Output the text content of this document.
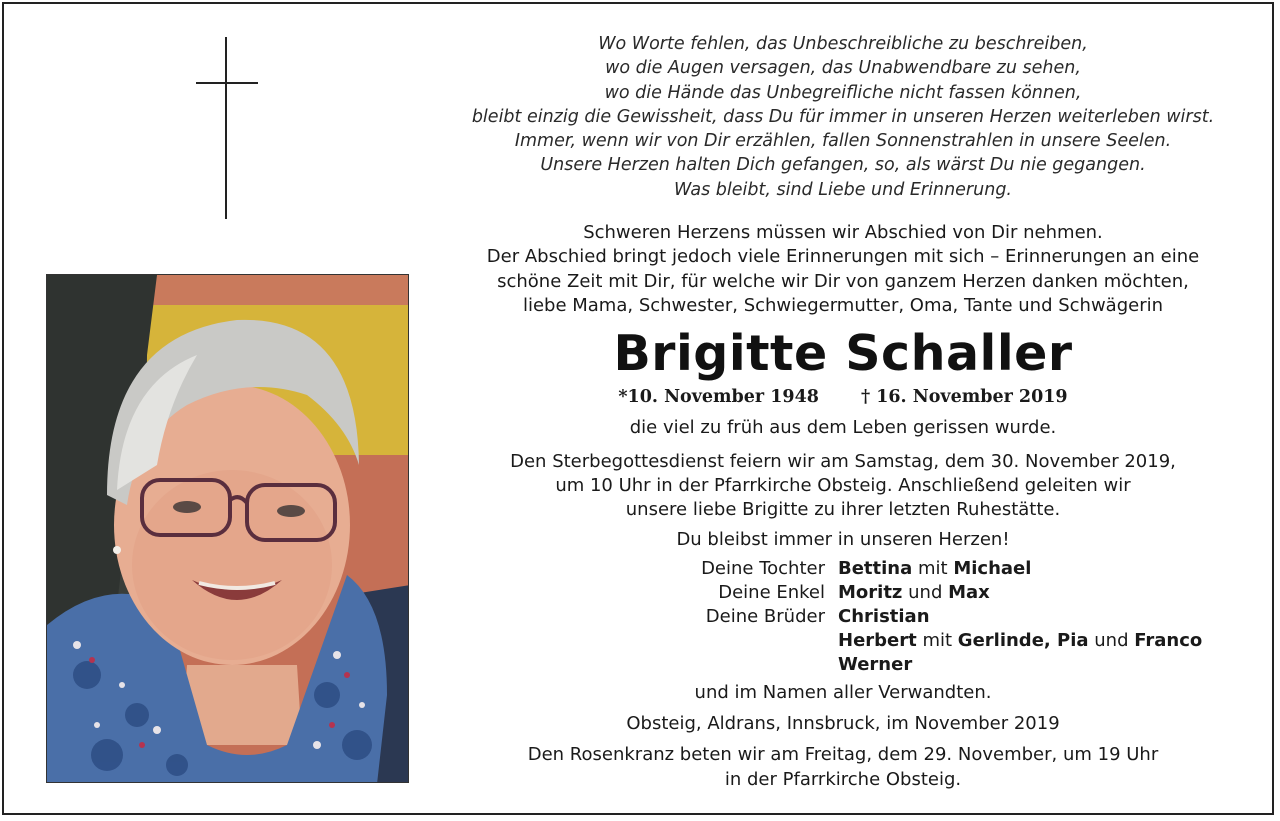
Wo Worte fehlen, das Unbeschreibliche zu beschreiben,
wo die Augen versagen, das Unabwendbare zu sehen,
wo die Hände das Unbegreifliche nicht fassen können,
bleibt einzig die Gewissheit, dass Du für immer in unseren Herzen weiterleben wirst.
Immer, wenn wir von Dir erzählen, fallen Sonnenstrahlen in unsere Seelen.
Unsere Herzen halten Dich gefangen, so, als wärst Du nie gegangen.
Was bleibt, sind Liebe und Erinnerung.
Schweren Herzens müssen wir Abschied von Dir nehmen.
Der Abschied bringt jedoch viele Erinnerungen mit sich – Erinnerungen an eine
schöne Zeit mit Dir, für welche wir Dir von ganzem Herzen danken möchten,
liebe Mama, Schwester, Schwiegermutter, Oma, Tante und Schwägerin
Brigitte Schaller
*10. November 1948 † 16. November 2019
die viel zu früh aus dem Leben gerissen wurde.
Den Sterbegottesdienst feiern wir am Samstag, dem 30. November 2019,
um 10 Uhr in der Pfarrkirche Obsteig. Anschließend geleiten wir
unsere liebe Brigitte zu ihrer letzten Ruhestätte.
Du bleibst immer in unseren Herzen!
Deine Tochter Bettina mit Michael
Deine Enkel Moritz und Max
Deine Brüder Christian
Herbert mit Gerlinde, Pia und Franco
Werner
und im Namen aller Verwandten.
Obsteig, Aldrans, Innsbruck, im November 2019
Den Rosenkranz beten wir am Freitag, dem 29. November, um 19 Uhr
in der Pfarrkirche Obsteig.
